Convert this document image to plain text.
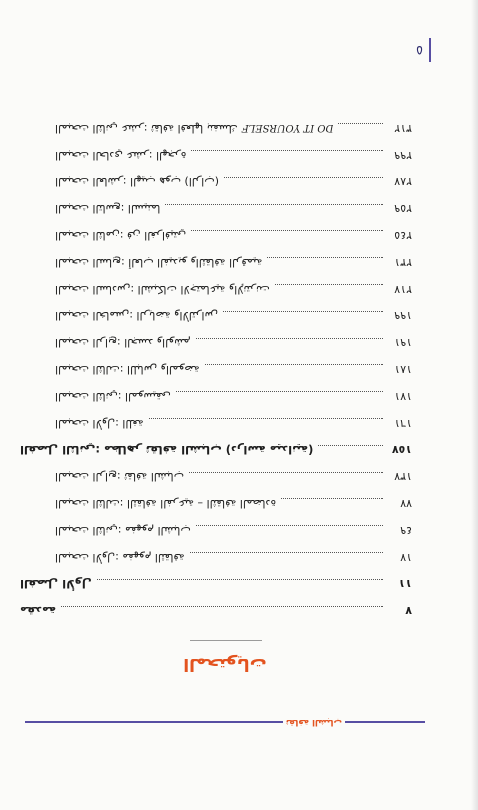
ثقافة الشباب
المحتويات
مقدمة	٧
الفصل الأول	١١
المبحث الأول: مفهوم الثقافة	١٧
المبحث الثاني: مفهوم الشباب	٤٩
المبحث الثالث: الثقافة الفرعية – الثقافة المضادة	٧٧
المبحث الرابع: ثقافة الشباب	١٣٧
الفصل الثاني: مظاهر ثقافة الشباب (دراسة ميدانية)	١٥٧
المبحث الأول: اللغة	١٦١
المبحث الثاني: الموسيقى	١٧١
المبحث الثالث: اللباس والموضة	١٨١
المبحث الرابع: الجسد والوشم	١٩١
المبحث الخامس: الرياضة والألتراس	١٩٩
المبحث السادس: الشبكات الاجتماعية والإنترنت	٢١٧
المبحث السابع: ألعاب الفيديو والثقافة الرقمية	٢٣١
المبحث الثامن: فن الغرافيتي	٢٤٥
المبحث التاسع: السينما	٢٥٩
المبحث العاشر: الهيب هوب (الراب)	٢٨٧
المبحث الحادي عشر: الهجرة	٢٩٩
المبحث الثاني عشر: ثقافة افعلها بنفسك DO IT YOURSELF	٣١٢
٥
